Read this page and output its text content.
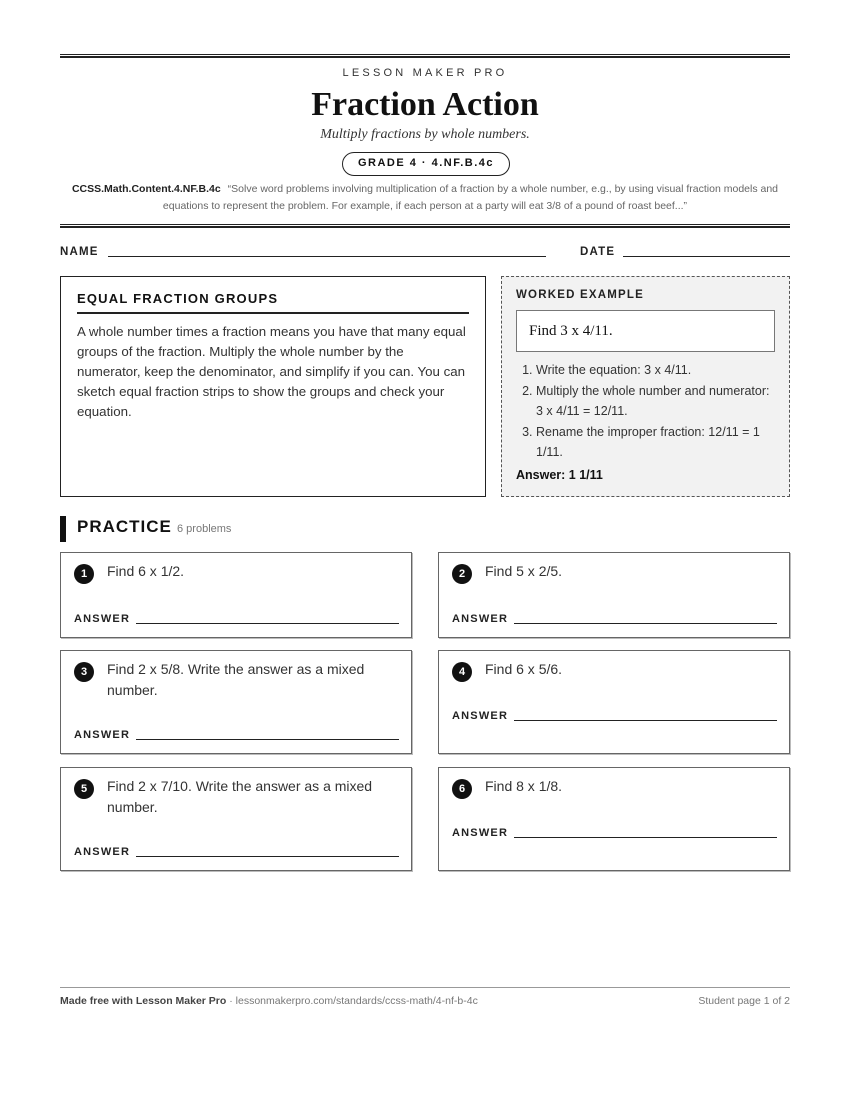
LESSON MAKER PRO
Fraction Action
Multiply fractions by whole numbers.
GRADE 4 · 4.NF.B.4c
CCSS.Math.Content.4.NF.B.4c “Solve word problems involving multiplication of a fraction by a whole number, e.g., by using visual fraction models and equations to represent the problem. For example, if each person at a party will eat 3/8 of a pound of roast beef...”
NAME	DATE
EQUAL FRACTION GROUPS

A whole number times a fraction means you have that many equal groups of the fraction. Multiply the whole number by the numerator, keep the denominator, and simplify if you can. You can sketch equal fraction strips to show the groups and check your equation.

WORKED EXAMPLE
Find 3 x 4/11.
1. Write the equation: 3 x 4/11.
2. Multiply the whole number and numerator: 3 x 4/11 = 12/11.
3. Rename the improper fraction: 12/11 = 1 1/11.
Answer: 1 1/11
PRACTICE 6 problems
1	Find 6 x 1/2.
ANSWER
2	Find 5 x 2/5.
ANSWER
3	Find 2 x 5/8. Write the answer as a mixed number.
ANSWER
4	Find 6 x 5/6.
ANSWER
5	Find 2 x 7/10. Write the answer as a mixed number.
ANSWER
6	Find 8 x 1/8.
ANSWER
Made free with Lesson Maker Pro · lessonmakerpro.com/standards/ccss-math/4-nf-b-4c	Student page 1 of 2
